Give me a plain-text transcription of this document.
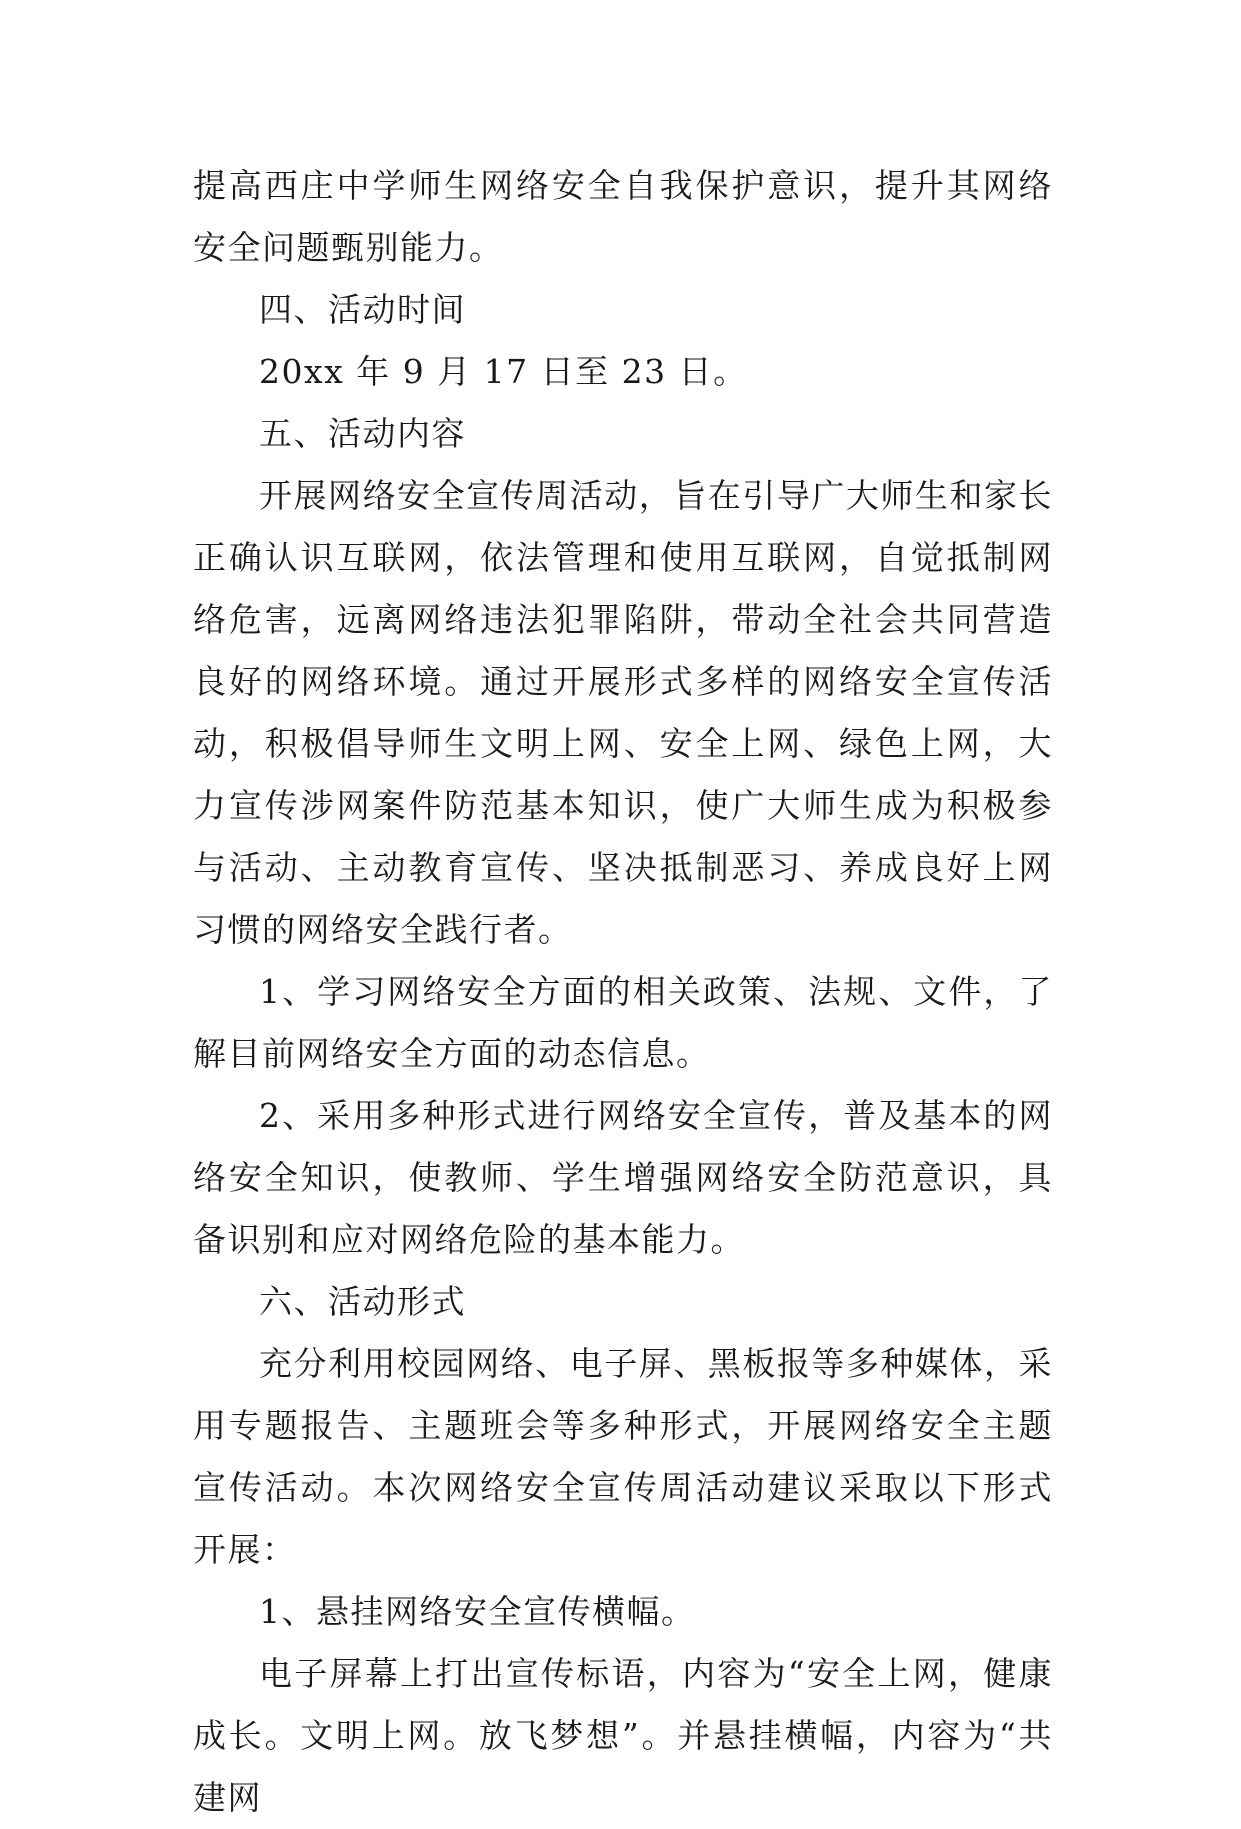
提高西庄中学师生网络安全自我保护意识，提升其网络安全问题甄别能力。

四、活动时间

20xx 年 9 月 17 日至 23 日。

五、活动内容

开展网络安全宣传周活动，旨在引导广大师生和家长正确认识互联网，依法管理和使用互联网，自觉抵制网络危害，远离网络违法犯罪陷阱，带动全社会共同营造良好的网络环境。通过开展形式多样的网络安全宣传活动，积极倡导师生文明上网、安全上网、绿色上网，大力宣传涉网案件防范基本知识，使广大师生成为积极参与活动、主动教育宣传、坚决抵制恶习、养成良好上网习惯的网络安全践行者。

1、学习网络安全方面的相关政策、法规、文件，了解目前网络安全方面的动态信息。

2、采用多种形式进行网络安全宣传，普及基本的网络安全知识，使教师、学生增强网络安全防范意识，具备识别和应对网络危险的基本能力。

六、活动形式

充分利用校园网络、电子屏、黑板报等多种媒体，采用专题报告、主题班会等多种形式，开展网络安全主题宣传活动。本次网络安全宣传周活动建议采取以下形式开展：

1、悬挂网络安全宣传横幅。

电子屏幕上打出宣传标语，内容为“安全上网，健康成长。文明上网。放飞梦想”。并悬挂横幅，内容为“共建网
